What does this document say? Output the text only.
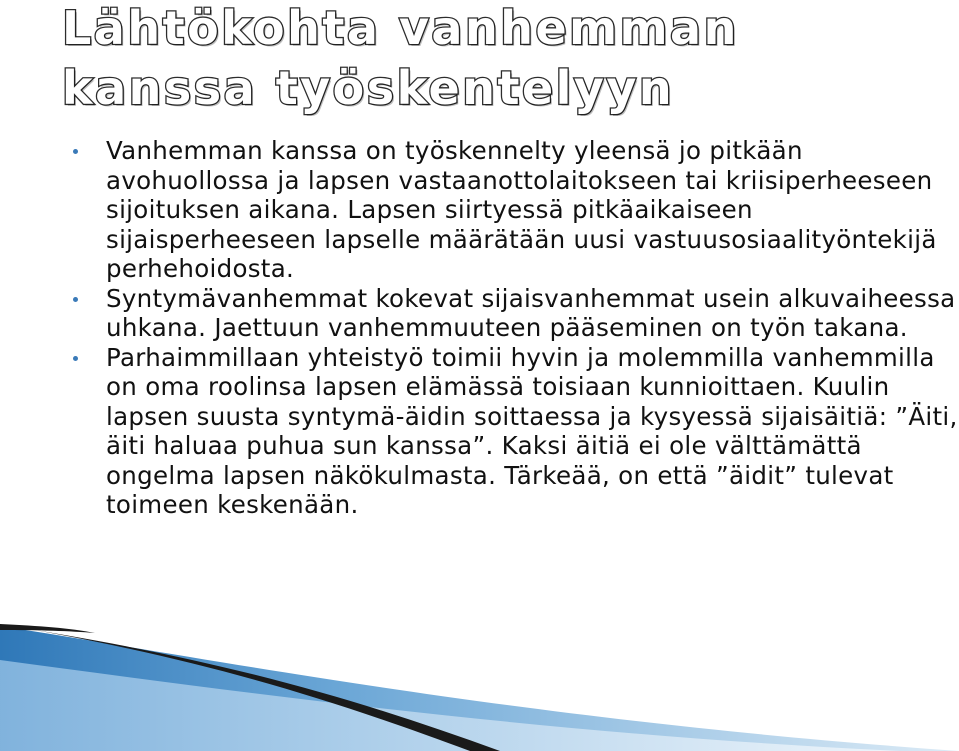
Lähtökohta vanhemman kanssa työskentelyyn
Vanhemman kanssa on työskennelty yleensä jo pitkään avohuollossa ja lapsen vastaanottolaitokseen tai kriisiperheeseen sijoituksen aikana. Lapsen siirtyessä pitkäaikaiseen sijaisperheeseen lapselle määrätään uusi vastuusosiaalityöntekijä perhehoidosta.
Syntymävanhemmat kokevat sijaisvanhemmat usein alkuvaiheessa uhkana. Jaettuun vanhemmuuteen pääseminen on työn takana.
Parhaimmillaan yhteistyö toimii hyvin ja molemmilla vanhemmilla on oma roolinsa lapsen elämässä toisiaan kunnioittaen. Kuulin lapsen suusta syntymä-äidin soittaessa ja kysyessä sijaisäitiä: ”Äiti, äiti haluaa puhua sun kanssa”. Kaksi äitiä ei ole välttämättä ongelma lapsen näkökulmasta. Tärkeää, on että ”äidit” tulevat toimeen keskenään.
